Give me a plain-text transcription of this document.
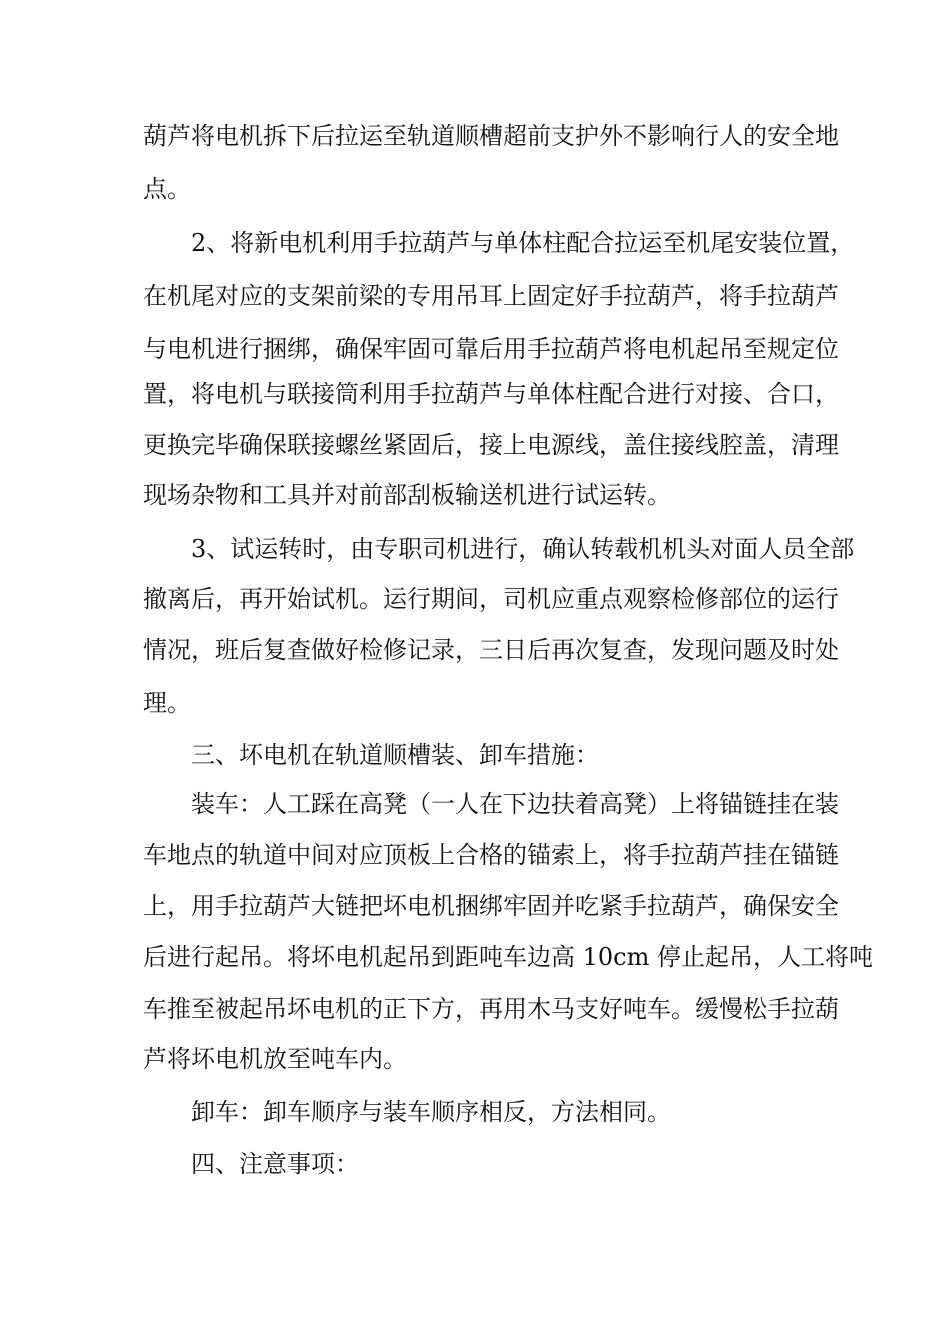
葫芦将电机拆下后拉运至轨道顺槽超前支护外不影响行人的安全地
点。
2、将新电机利用手拉葫芦与单体柱配合拉运至机尾安装位置，
在机尾对应的支架前梁的专用吊耳上固定好手拉葫芦，将手拉葫芦
与电机进行捆绑，确保牢固可靠后用手拉葫芦将电机起吊至规定位
置，将电机与联接筒利用手拉葫芦与单体柱配合进行对接、合口，
更换完毕确保联接螺丝紧固后，接上电源线，盖住接线腔盖，清理
现场杂物和工具并对前部刮板输送机进行试运转。
3、试运转时，由专职司机进行，确认转载机机头对面人员全部
撤离后，再开始试机。运行期间，司机应重点观察检修部位的运行
情况，班后复查做好检修记录，三日后再次复查，发现问题及时处
理。
三、坏电机在轨道顺槽装、卸车措施：
装车：人工踩在高凳（一人在下边扶着高凳）上将锚链挂在装
车地点的轨道中间对应顶板上合格的锚索上，将手拉葫芦挂在锚链
上，用手拉葫芦大链把坏电机捆绑牢固并吃紧手拉葫芦，确保安全
后进行起吊。将坏电机起吊到距吨车边高 10cm 停止起吊，人工将吨
车推至被起吊坏电机的正下方，再用木马支好吨车。缓慢松手拉葫
芦将坏电机放至吨车内。
卸车：卸车顺序与装车顺序相反，方法相同。
四、注意事项：
